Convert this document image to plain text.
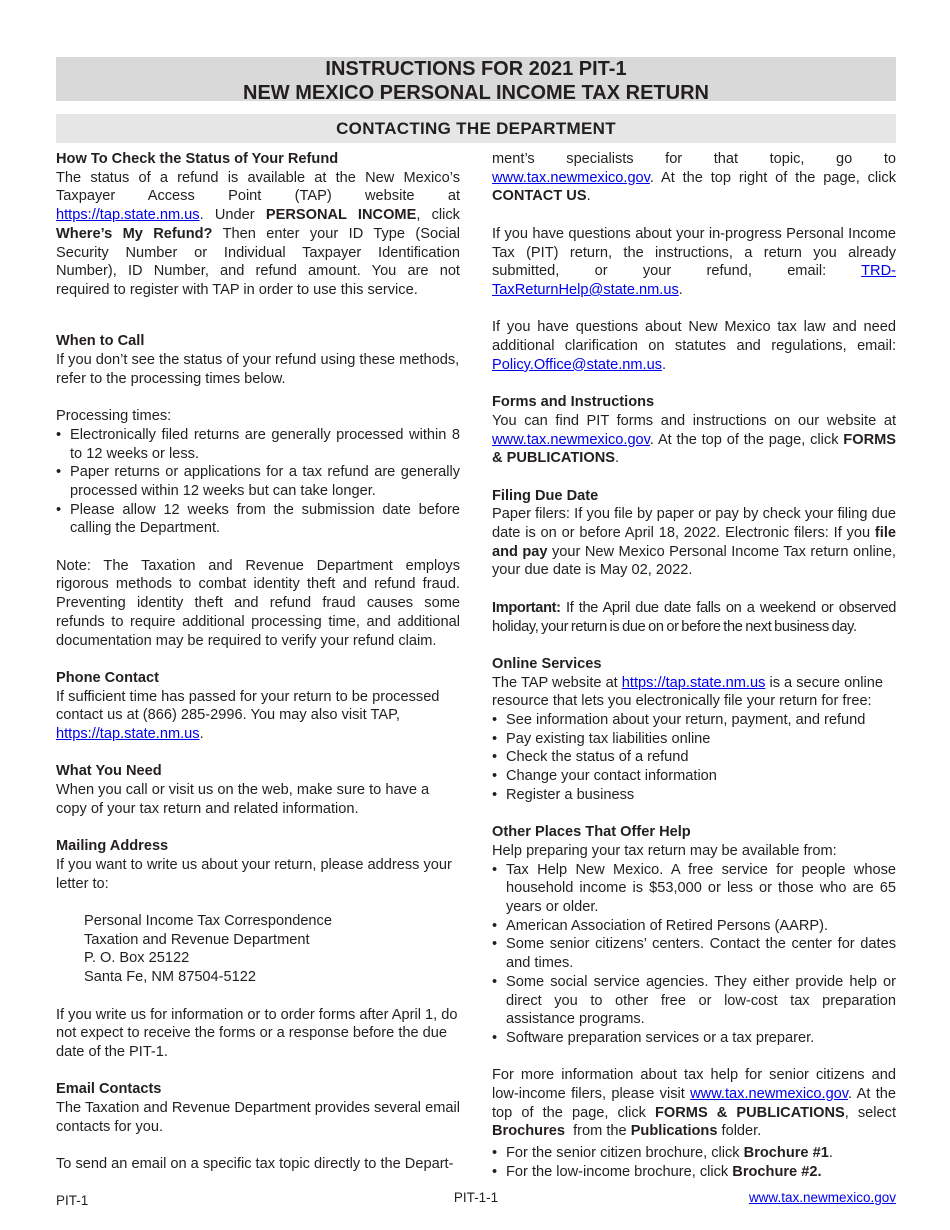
INSTRUCTIONS FOR 2021 PIT-1
NEW MEXICO PERSONAL INCOME TAX RETURN
CONTACTING THE DEPARTMENT
How To Check the Status of Your Refund

The status of a refund is available at the New Mexico’s Taxpayer Access Point (TAP) website at https://tap.state.nm.us. Under PERSONAL INCOME, click Where’s My Refund? Then enter your ID Type (Social Security Number or Individual Taxpayer Identification Number), ID Number, and refund amount. You are not required to register with TAP in order to use this service.

When to Call

If you don’t see the status of your refund using these methods, refer to the processing times below.

Processing times:

• Electronically filed returns are generally processed within 8 to 12 weeks or less.
• Paper returns or applications for a tax refund are generally processed within 12 weeks but can take longer.
• Please allow 12 weeks from the submission date before calling the Department.

Note: The Taxation and Revenue Department employs rigorous methods to combat identity theft and refund fraud. Preventing identity theft and refund fraud causes some refunds to require additional processing time, and additional documentation may be required to verify your refund claim.

Phone Contact

If sufficient time has passed for your return to be processed contact us at (866) 285-2996. You may also visit TAP, https://tap.state.nm.us.

What You Need

When you call or visit us on the web, make sure to have a copy of your tax return and related information.

Mailing Address

If you want to write us about your return, please address your letter to:

Personal Income Tax Correspondence
Taxation and Revenue Department
P. O. Box 25122
Santa Fe, NM 87504-5122

If you write us for information or to order forms after April 1, do not expect to receive the forms or a response before the due date of the PIT-1.

Email Contacts

The Taxation and Revenue Department provides several email contacts for you.

To send an email on a specific tax topic directly to the Depart-

ment’s specialists for that topic, go to www.tax.newmexico.gov. At the top right of the page, click CONTACT US.

If you have questions about your in-progress Personal Income Tax (PIT) return, the instructions, a return you already submitted, or your refund, email: TRD-TaxReturnHelp@state.nm.us.

If you have questions about New Mexico tax law and need additional clarification on statutes and regulations, email: Policy.Office@state.nm.us.

Forms and Instructions

You can find PIT forms and instructions on our website at www.tax.newmexico.gov. At the top of the page, click FORMS & PUBLICATIONS.

Filing Due Date

Paper filers: If you file by paper or pay by check your filing due date is on or before April 18, 2022. Electronic filers: If you file and pay your New Mexico Personal Income Tax return online, your due date is May 02, 2022.

Important: If the April due date falls on a weekend or observed holiday, your return is due on or before the next business day.

Online Services

The TAP website at https://tap.state.nm.us is a secure online resource that lets you electronically file your return for free:

• See information about your return, payment, and refund
• Pay existing tax liabilities online
• Check the status of a refund
• Change your contact information
• Register a business
Other Places That Offer Help

Help preparing your tax return may be available from:

• Tax Help New Mexico. A free service for people whose household income is $53,000 or less or those who are 65 years or older.
• American Association of Retired Persons (AARP).
• Some senior citizens’ centers. Contact the center for dates and times.
• Some social service agencies. They either provide help or direct you to other free or low-cost tax preparation assistance programs.
• Software preparation services or a tax preparer.

For more information about tax help for senior citizens and low-income filers, please visit www.tax.newmexico.gov. At the top of the page, click FORMS & PUBLICATIONS, select Brochures  from the Publications folder.

• For the senior citizen brochure, click Brochure #1.
• For the low-income brochure, click Brochure #2.
PIT-1	PIT-1-1	www.tax.newmexico.gov
